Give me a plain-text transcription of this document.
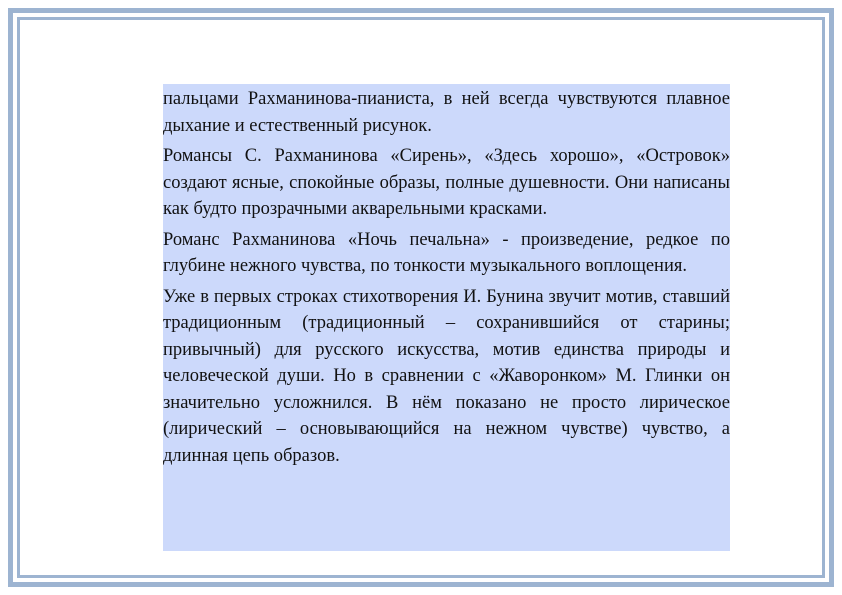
пальцами Рахманинова-пианиста, в ней всегда чувствуются плавное дыхание и естественный рисунок.

Романсы С. Рахманинова «Сирень», «Здесь хорошо», «Островок» создают ясные, спокойные образы, полные душевности. Они написаны как будто прозрачными акварельными красками.

Романс Рахманинова «Ночь печальна» - произведение, редкое по глубине нежного чувства, по тонкости музыкального воплощения.

Уже в первых строках стихотворения И. Бунина звучит мотив, ставший традиционным (традиционный – сохранившийся от старины; привычный) для русского искусства, мотив единства природы и человеческой души. Но в сравнении с «Жаворонком» М. Глинки он значительно усложнился. В нём показано не просто лирическое (лирический – основывающийся на нежном чувстве) чувство, а длинная цепь образов.
